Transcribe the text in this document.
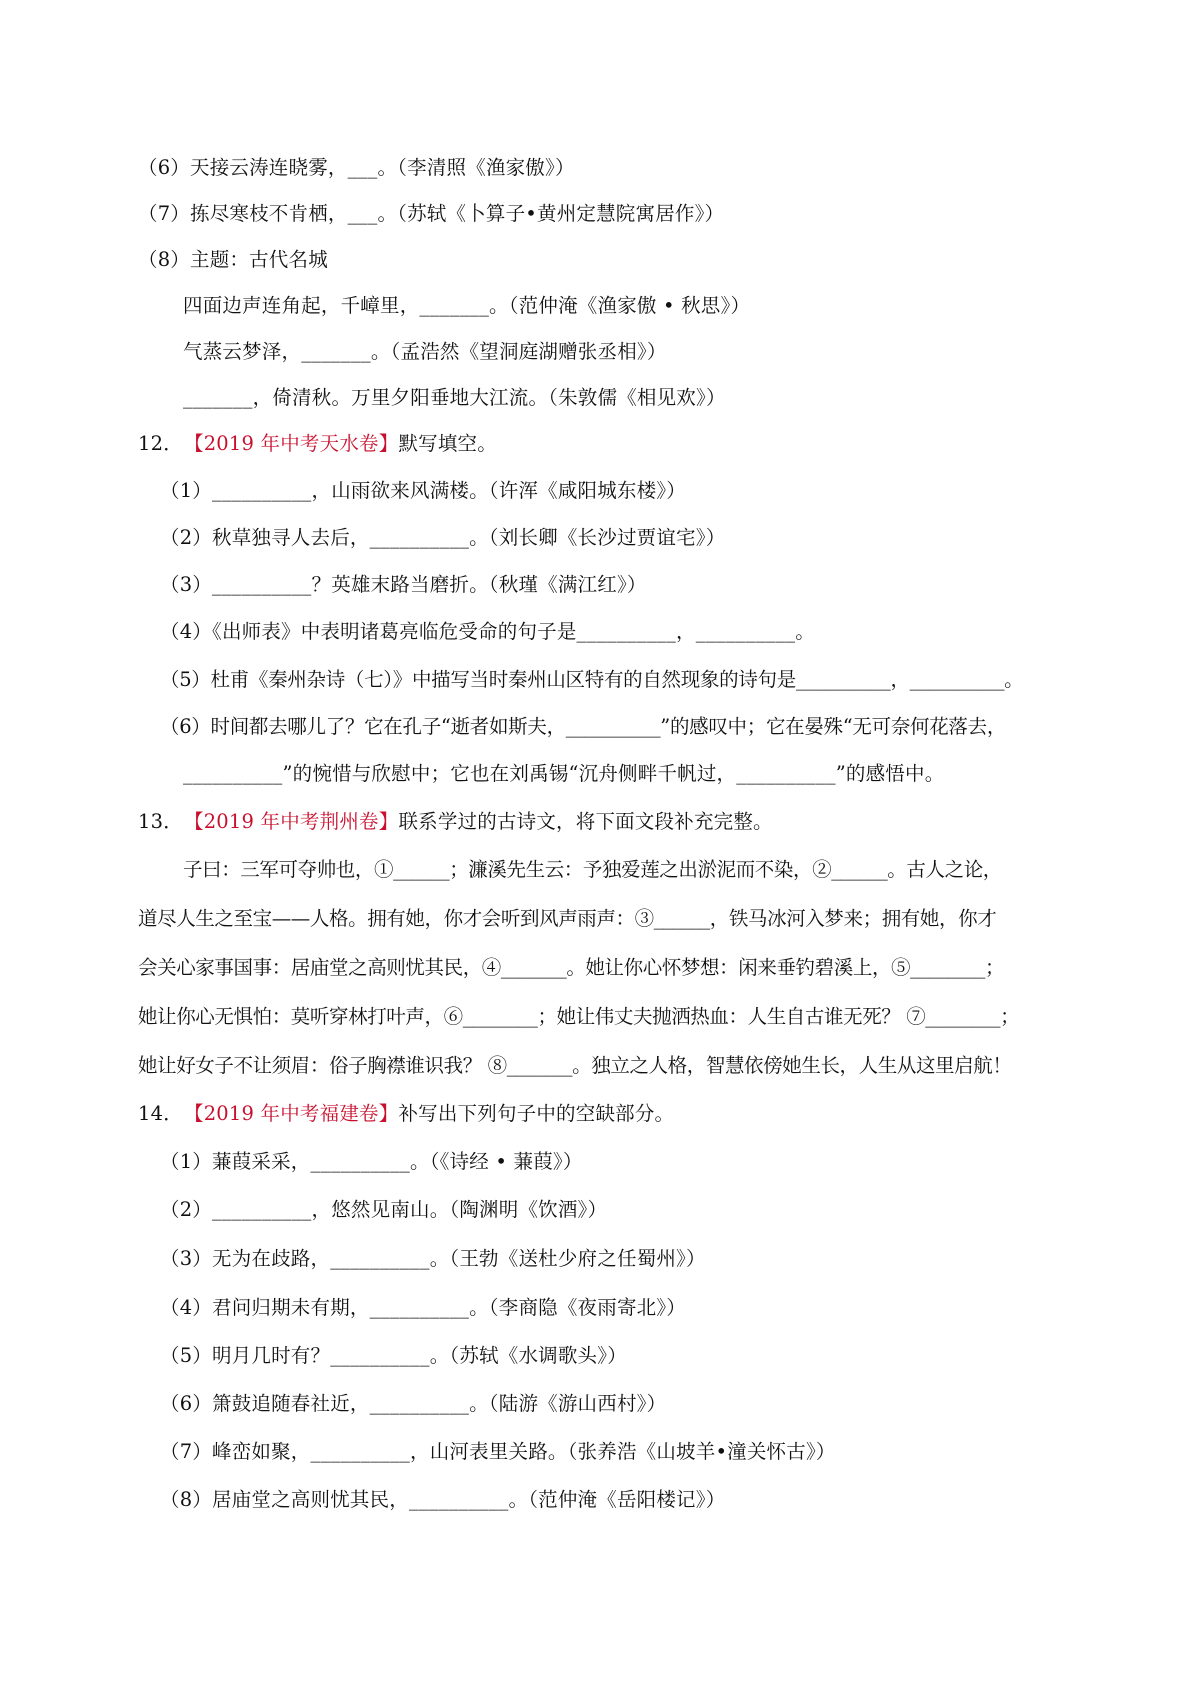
（6）天接云涛连晓雾，___。（李清照《渔家傲》）
（7）拣尽寒枝不肯栖，___。（苏轼《卜算子•黄州定慧院寓居作》）
（8）主题：古代名城
四面边声连角起，千嶂里，_______。（范仲淹《渔家傲 • 秋思》）
气蒸云梦泽，_______。（孟浩然《望洞庭湖赠张丞相》）
_______，倚清秋。万里夕阳垂地大江流。（朱敦儒《相见欢》）
12．【2019 年中考天水卷】默写填空。
（1）__________，山雨欲来风满楼。（许浑《咸阳城东楼》）
（2）秋草独寻人去后，__________。（刘长卿《长沙过贾谊宅》）
（3）__________？英雄末路当磨折。（秋瑾《满江红》）
（4）《出师表》中表明诸葛亮临危受命的句子是__________，__________。
（5）杜甫《秦州杂诗（七）》中描写当时秦州山区特有的自然现象的诗句是__________，__________。
（6）时间都去哪儿了？它在孔子“逝者如斯夫，__________”的感叹中；它在晏殊“无可奈何花落去，
__________”的惋惜与欣慰中；它也在刘禹锡“沉舟侧畔千帆过，__________”的感悟中。
13．【2019 年中考荆州卷】联系学过的古诗文，将下面文段补充完整。
子曰：三军可夺帅也，①______；濂溪先生云：予独爱莲之出淤泥而不染，②______。古人之论，
道尽人生之至宝——人格。拥有她，你才会听到风声雨声：③______，铁马冰河入梦来；拥有她，你才
会关心家事国事：居庙堂之高则忧其民，④_______。她让你心怀梦想：闲来垂钓碧溪上，⑤________；
她让你心无惧怕：莫听穿林打叶声，⑥________；她让伟丈夫抛洒热血：人生自古谁无死？ ⑦________；
她让好女子不让须眉：俗子胸襟谁识我？ ⑧_______。独立之人格，智慧依傍她生长，人生从这里启航！
14．【2019 年中考福建卷】补写出下列句子中的空缺部分。
（1）蒹葭采采，__________。（《诗经 • 蒹葭》）
（2）__________，悠然见南山。（陶渊明《饮酒》）
（3）无为在歧路，__________。（王勃《送杜少府之任蜀州》）
（4）君问归期未有期，__________。（李商隐《夜雨寄北》）
（5）明月几时有？__________。（苏轼《水调歌头》）
（6）箫鼓追随春社近，__________。（陆游《游山西村》）
（7）峰峦如聚，__________，山河表里关路。（张养浩《山坡羊•潼关怀古》）
（8）居庙堂之高则忧其民，__________。（范仲淹《岳阳楼记》）
